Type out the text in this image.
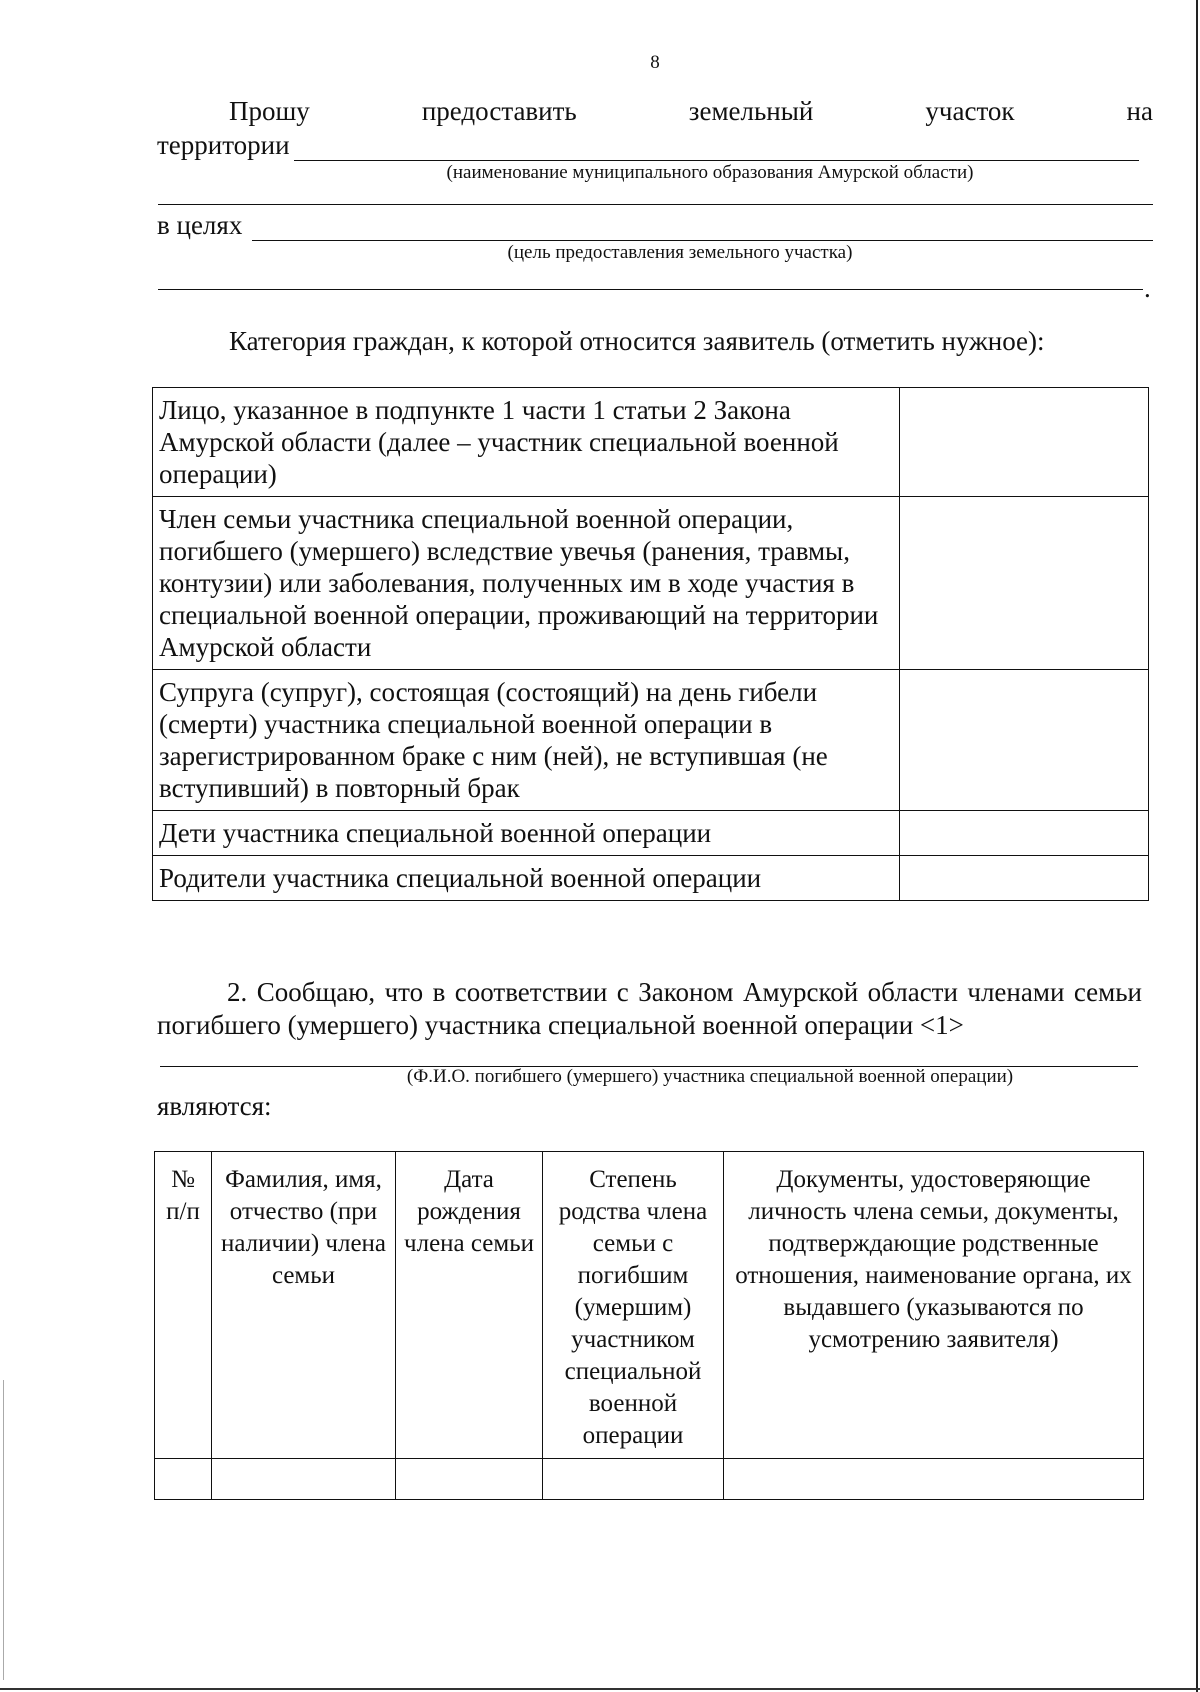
8
Прошу	предоставить	земельный	участок	на
территории
(наименование муниципального образования Амурской области)
в целях
(цель предоставления земельного участка)
.
Категория граждан, к которой относится заявитель (отметить нужное):
Лицо, указанное в подпункте 1 части 1 статьи 2 Закона Амурской области (далее – участник специальной военной операции)	
Член семьи участника специальной военной операции, погибшего (умершего) вследствие увечья (ранения, травмы, контузии) или заболевания, полученных им в ходе участия в специальной военной операции, проживающий на территории Амурской области	
Супруга (супруг), состоящая (состоящий) на день гибели (смерти) участника специальной военной операции в зарегистрированном браке с ним (ней), не вступившая (не вступивший) в повторный брак	
Дети участника специальной военной операции	
Родители участника специальной военной операции	
2. Сообщаю, что в соответствии с Законом Амурской области членами семьи погибшего (умершего) участника специальной военной операции <1>
(Ф.И.О. погибшего (умершего) участника специальной военной операции)
являются:
№ п/п	Фамилия, имя, отчество (при наличии) члена семьи	Дата рождения члена семьи	Степень родства члена семьи с погибшим (умершим) участником специальной военной операции	Документы, удостоверяющие личность члена семьи, документы, подтверждающие родственные отношения, наименование органа, их выдавшего (указываются по усмотрению заявителя)
